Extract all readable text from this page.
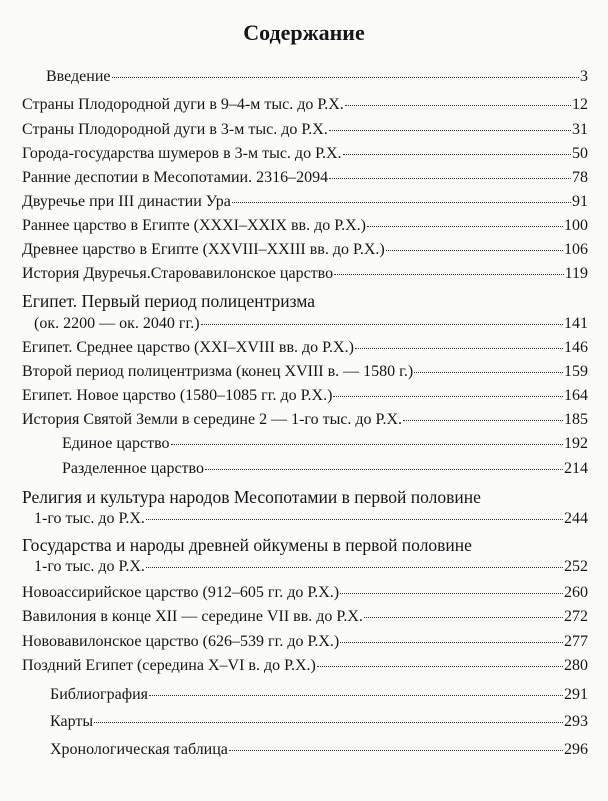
Содержание
Введение	3
Страны Плодородной дуги в 9–4-м тыс. до Р.Х.	12
Страны Плодородной дуги в 3-м тыс. до Р.Х.	31
Города-государства шумеров в 3-м тыс. до Р.Х.	50
Ранние деспотии в Месопотамии. 2316–2094	78
Двуречье при III династии Ура	91
Раннее царство в Египте (XXXI–XXIX вв. до Р.Х.)	100
Древнее царство в Египте (XXVIII–XXIII вв. до Р.Х.)	106
История Двуречья.Старовавилонское царство	119
Египет. Первый период полицентризма
(ок. 2200 — ок. 2040 гг.)	141
Египет. Среднее царство (XXI–XVIII вв. до Р.Х.)	146
Второй период полицентризма (конец XVIII в. — 1580 г.)	159
Египет. Новое царство (1580–1085 гг. до Р.Х.)	164
История Святой Земли в середине 2 — 1-го тыс. до Р.Х.	185
Единое царство	192
Разделенное царство	214
Религия и культура народов Месопотамии в первой половине
1-го тыс. до Р.Х.	244
Государства и народы древней ойкумены в первой половине
1-го тыс. до Р.Х.	252
Новоассирийское царство (912–605 гг. до Р.Х.)	260
Вавилония в конце XII — середине VII вв. до Р.Х.	272
Нововавилонское царство (626–539 гг. до Р.Х.)	277
Поздний Египет (середина X–VI в. до Р.Х.)	280
Библиография	291
Карты	293
Хронологическая таблица	296
